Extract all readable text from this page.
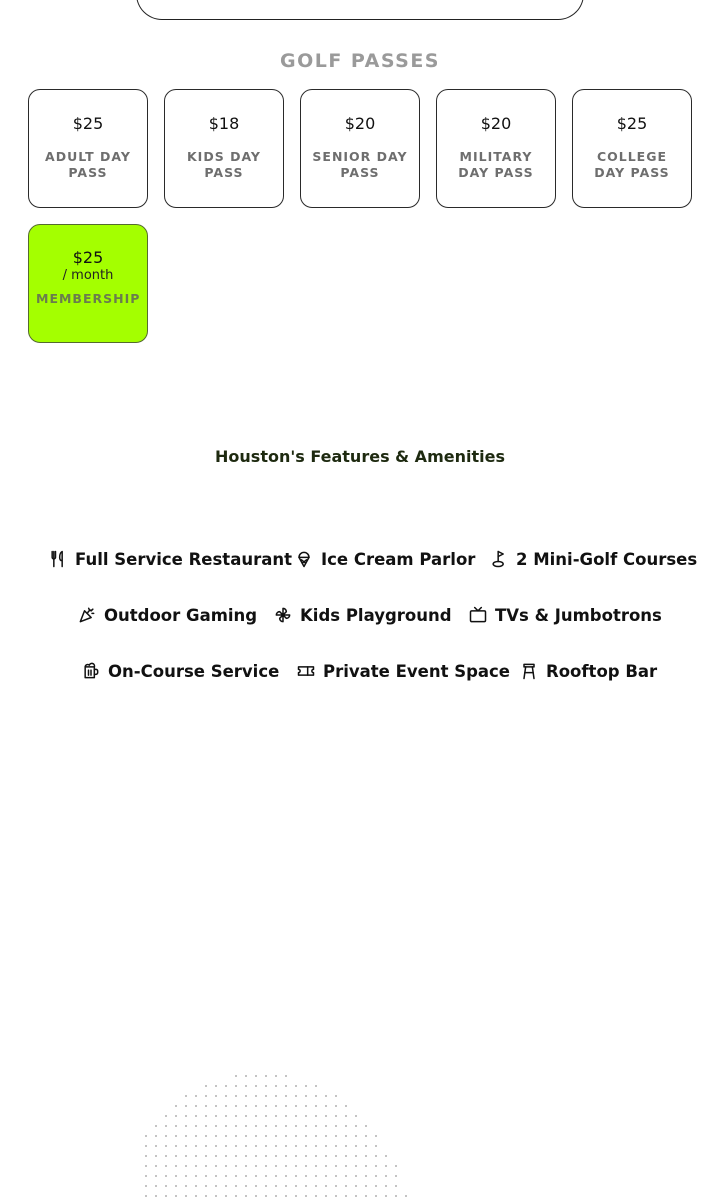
GOLF PASSES
$25
ADULT DAY PASS
$18
KIDS DAY PASS
$20
SENIOR DAY PASS
$20
MILITARY DAY PASS
$25
COLLEGE DAY PASS
$25
/ month
MEMBERSHIP
Houston's Features & Amenities
Full Service Restaurant Ice Cream Parlor 2 Mini-Golf Courses
Outdoor Gaming	Kids Playground	TVs & Jumbotrons
On-Course Service	Private Event Space Rooftop Bar
